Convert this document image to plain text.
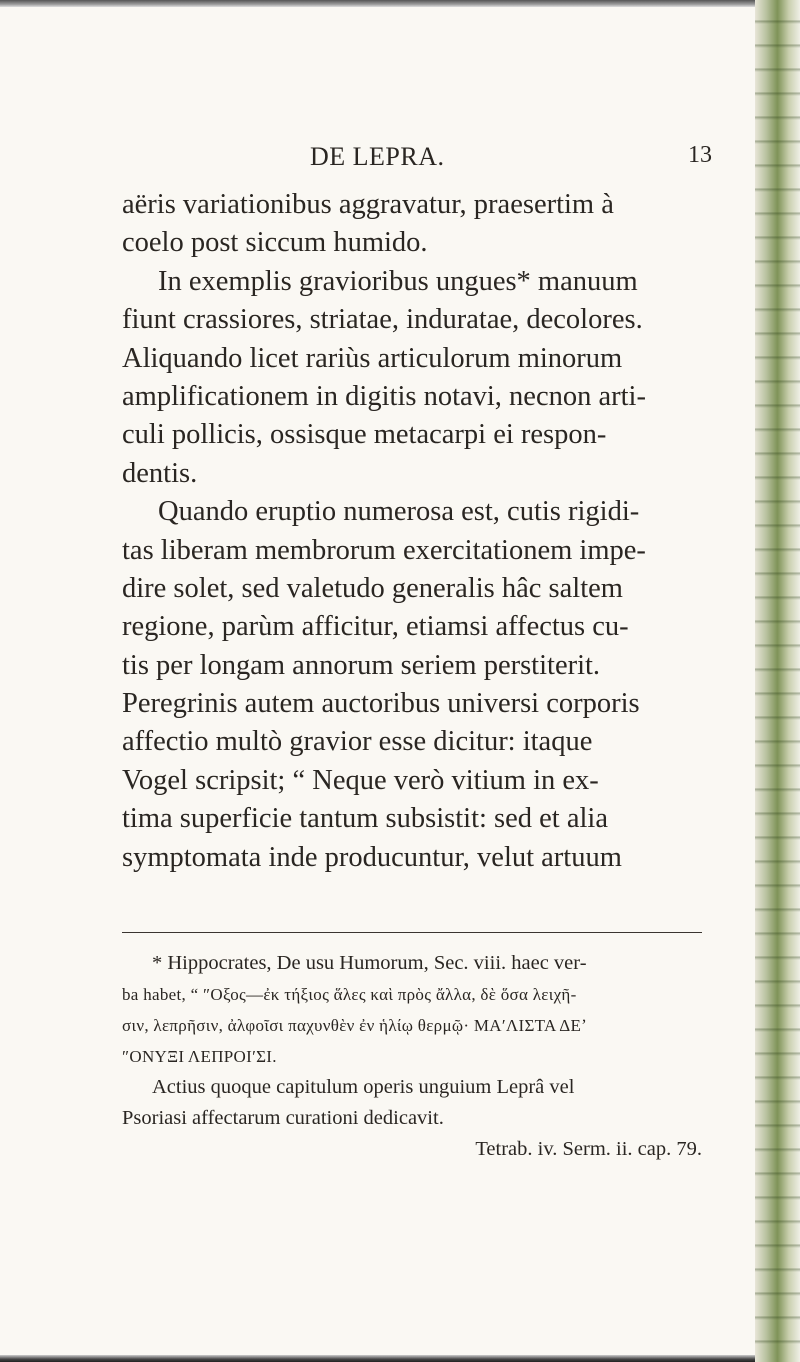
DE LEPRA.	13
aëris variationibus aggravatur, praesertim à
coelo post siccum humido.
In exemplis gravioribus ungues* manuum
fiunt crassiores, striatae, induratae, decolores.
Aliquando licet rariùs articulorum minorum
amplificationem in digitis notavi, necnon arti-
culi pollicis, ossisque metacarpi ei respon-
dentis.
Quando eruptio numerosa est, cutis rigidi-
tas liberam membrorum exercitationem impe-
dire solet, sed valetudo generalis hâc saltem
regione, parùm afficitur, etiamsi affectus cu-
tis per longam annorum seriem perstiterit.
Peregrinis autem auctoribus universi corporis
affectio multò gravior esse dicitur: itaque
Vogel scripsit; “ Neque verò vitium in ex-
tima superficie tantum subsistit: sed et alia
symptomata inde producuntur, velut artuum
* Hippocrates, De usu Humorum, Sec. viii. haec ver-
ba habet, “ ″Οξος—ἐκ τήξιος ἅλες καὶ πρὸς ἄλλα, δὲ ὅσα λειχῆ-
σιν, λεπρῆσιν, ἀλφοῖσι παχυνθὲν ἐν ἡλίῳ θερμῷ· ΜΑʹΛΙΣΤΑ ΔΕʼ
″ΟΝΥΞΙ ΛΕΠΡΟΙʹΣΙ.
Actius quoque capitulum operis unguium Leprâ vel
Psoriasi affectarum curationi dedicavit.
Tetrab. iv. Serm. ii. cap. 79.
